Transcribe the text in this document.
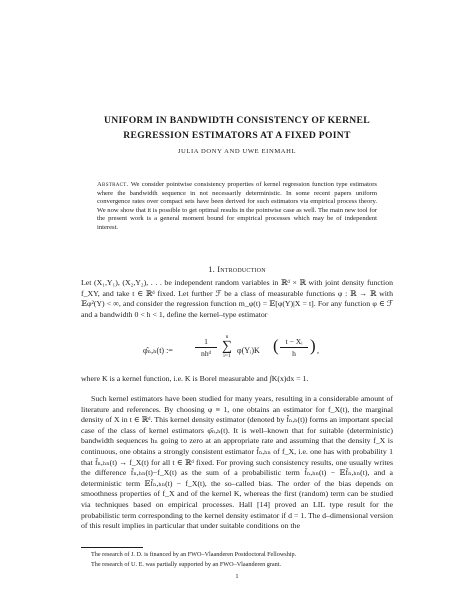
UNIFORM IN BANDWIDTH CONSISTENCY OF KERNEL
REGRESSION ESTIMATORS AT A FIXED POINT
JULIA DONY AND UWE EINMAHL
Abstract. We consider pointwise consistency properties of kernel regression function type estimators where the bandwidth sequence in not necessarily deterministic. In some recent papers uniform convergence rates over compact sets have been derived for such estimators via empirical process theory. We now show that it is possible to get optimal results in the pointwise case as well. The main new tool for the present work is a general moment bound for empirical processes which may be of independent interest.
1. Introduction
Let (X₁,Y₁), (X₂,Y₂), . . . be independent random variables in ℝᵈ × ℝ with joint density function f_XY, and take t ∈ ℝᵈ fixed. Let further ℱ be a class of measurable functions φ : ℝ → ℝ with 𝔼φ²(Y) < ∞, and consider the regression function m_φ(t) = 𝔼[φ(Y)|X = t]. For any function φ ∈ ℱ and a bandwidth 0 < h < 1, define the kernel–type estimator
φ̂ₙ,ₕ(t) :=
1
nhᵈ
n
∑
i=1
φ(Yᵢ)K ( t − Xᵢ
h ) ,
where K is a kernel function, i.e. K is Borel measurable and ∫K(x)dx = 1.
Such kernel estimators have been studied for many years, resulting in a considerable amount of literature and references. By choosing φ ≡ 1, one obtains an estimator for f_X(t), the marginal density of X in t ∈ ℝᵈ. This kernel density estimator (denoted by f̂ₙ,ₕ(t)) forms an important special case of the class of kernel estimators φ̂ₙ,ₕ(t). It is well–known that for suitable (deterministic) bandwidth sequences hₙ going to zero at an appropriate rate and assuming that the density f_X is continuous, one obtains a strongly consistent estimator f̂ₙ,ₕₙ of f_X, i.e. one has with probability 1 that f̂ₙ,ₕₙ(t) → f_X(t) for all t ∈ ℝᵈ fixed. For proving such consistency results, one usually writes the difference f̂ₙ,ₕₙ(t)−f_X(t) as the sum of a probabilistic term f̂ₙ,ₕₙ(t) − 𝔼f̂ₙ,ₕₙ(t), and a deterministic term 𝔼f̂ₙ,ₕₙ(t) − f_X(t), the so–called bias. The order of the bias depends on smoothness properties of f_X and of the kernel K, whereas the first (random) term can be studied via techniques based on empirical processes. Hall [14] proved an LIL type result for the probabilistic term corresponding to the kernel density estimator if d = 1. The d–dimensional version of this result implies in particular that under suitable conditions on the
The research of J. D. is financed by an FWO–Vlaanderen Postdoctoral Fellowship.
The research of U. E. was partially supported by an FWO–Vlaanderen grant.
1
